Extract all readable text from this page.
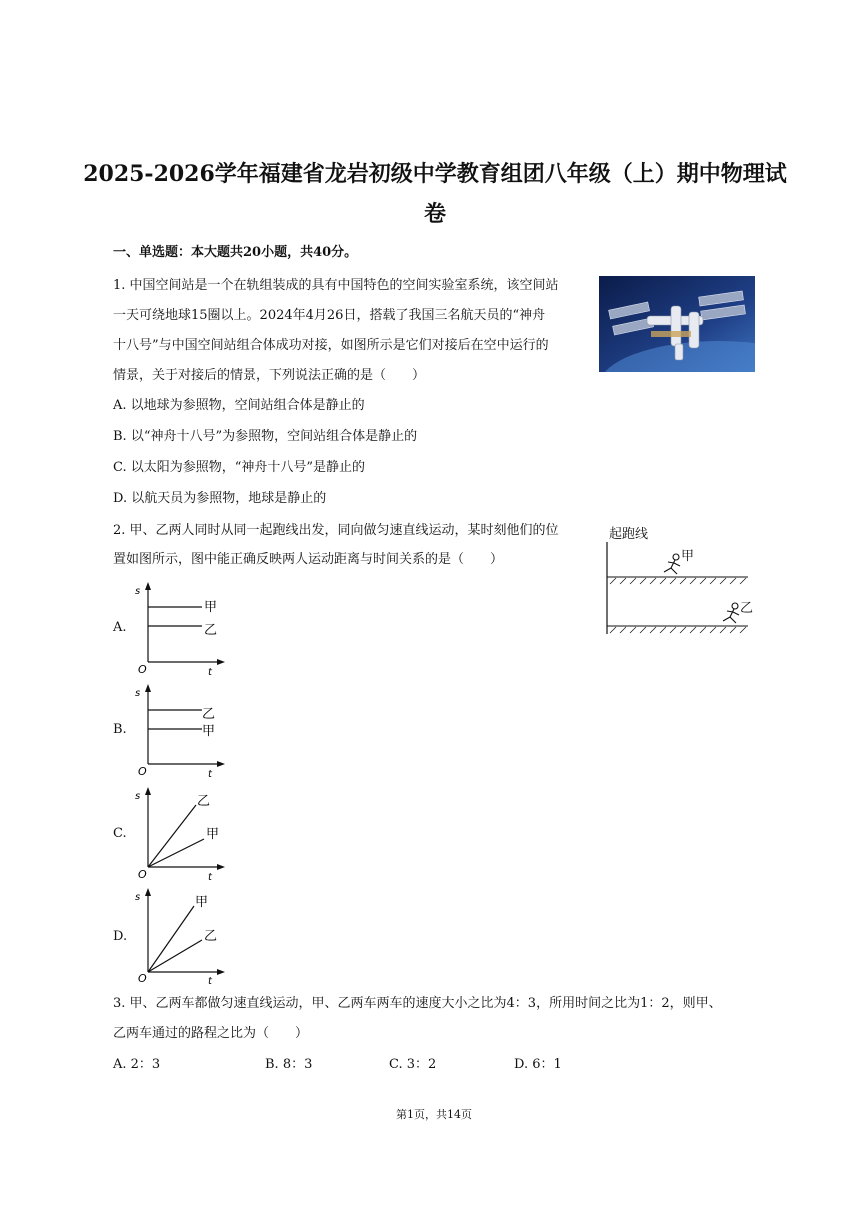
2025-2026学年福建省龙岩初级中学教育组团八年级（上）期中物理试
卷
一、单选题：本大题共20小题，共40分。
1. 中国空间站是一个在轨组装成的具有中国特色的空间实验室系统，该空间站
一天可绕地球15圈以上。2024年4月26日，搭载了我国三名航天员的“神舟
十八号”与中国空间站组合体成功对接，如图所示是它们对接后在空中运行的
情景，关于对接后的情景，下列说法正确的是（　　）
A. 以地球为参照物，空间站组合体是静止的
B. 以“神舟十八号”为参照物，空间站组合体是静止的
C. 以太阳为参照物，“神舟十八号”是静止的
D. 以航天员为参照物，地球是静止的
2. 甲、乙两人同时从同一起跑线出发，同向做匀速直线运动，某时刻他们的位
置如图所示，图中能正确反映两人运动距离与时间关系的是（　　）
起跑线
甲
乙
A.
B.
C.
D.
s
t
O
甲
乙
s
t
O
乙
甲
s
t
O
乙
甲
s
t
O
甲
乙
3. 甲、乙两车都做匀速直线运动，甲、乙两车两车的速度大小之比为4：3，所用时间之比为1：2，则甲、
乙两车通过的路程之比为（　　）
A. 2：3	B. 8：3	C. 3：2	D. 6：1
第1页，共14页
